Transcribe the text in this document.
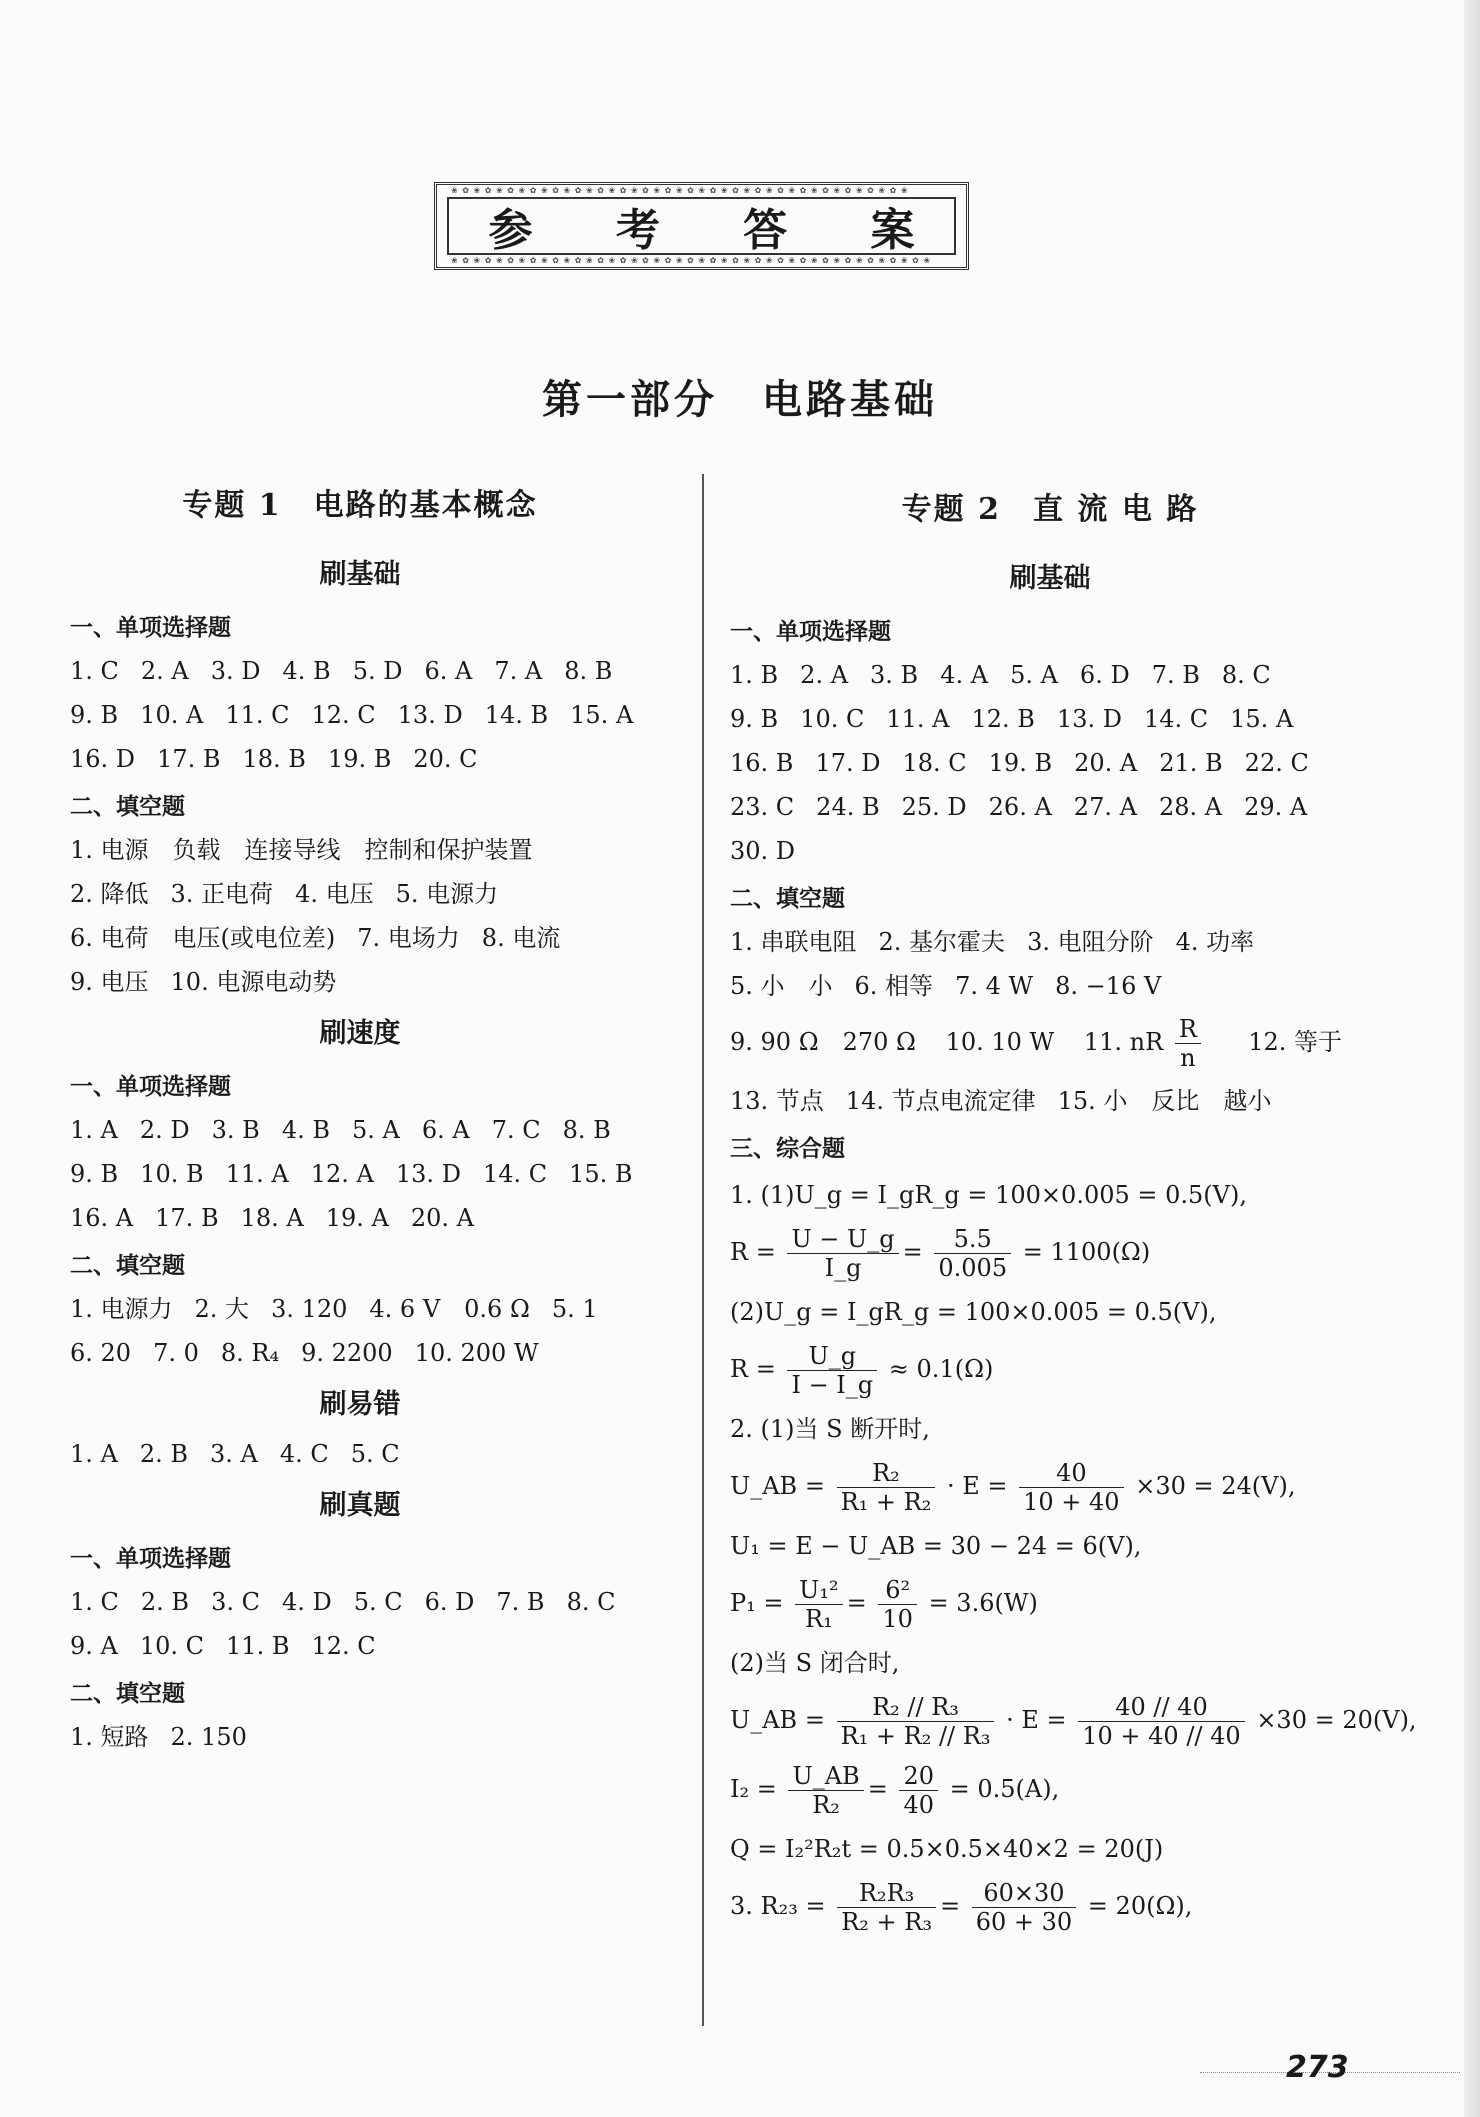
❀ ✿ ❀ ✿ ❀ ✿ ❀ ✿ ❀ ✿ ❀ ✿ ❀ ✿ ❀ ✿ ❀ ✿ ❀ ✿ ❀ ✿ ❀ ✿ ❀ ✿ ❀ ✿ ❀ ✿ ❀ ✿ ❀ ✿ ❀ ✿ ❀ ✿ ❀ ✿ ❀
参 考 答 案
❀ ✿ ❀ ✿ ❀ ✿ ❀ ✿ ❀ ✿ ❀ ✿ ❀ ✿ ❀ ✿ ❀ ✿ ❀ ✿ ❀ ✿ ❀ ✿ ❀ ✿ ❀ ✿ ❀ ✿ ❀ ✿ ❀ ✿ ❀ ✿ ❀ ✿ ❀ ✿ ❀ ✿ ❀
第一部分　电路基础
专题 1　电路的基本概念
刷基础
一、单项选择题
1. C 2. A 3. D 4. B 5. D 6. A 7. A 8. B
9. B 10. A 11. C 12. C 13. D 14. B 15. A
16. D 17. B 18. B 19. B 20. C
二、填空题
1. 电源　负载　连接导线　控制和保护装置
2. 降低 3. 正电荷 4. 电压 5. 电源力
6. 电荷　电压(或电位差) 7. 电场力 8. 电流
9. 电压 10. 电源电动势
刷速度
一、单项选择题
1. A 2. D 3. B 4. B 5. A 6. A 7. C 8. B
9. B 10. B 11. A 12. A 13. D 14. C 15. B
16. A 17. B 18. A 19. A 20. A
二、填空题
1. 电源力 2. 大 3. 120 4. 6 V　0.6 Ω 5. 1
6. 20 7. 0 8. R₄ 9. 2200 10. 200 W
刷易错
1. A 2. B 3. A 4. C 5. C
刷真题
一、单项选择题
1. C 2. B 3. C 4. D 5. C 6. D 7. B 8. C
9. A 10. C 11. B 12. C
二、填空题
1. 短路 2. 150
专题 2　直 流 电 路
刷基础
一、单项选择题
1. B 2. A 3. B 4. A 5. A 6. D 7. B 8. C
9. B 10. C 11. A 12. B 13. D 14. C 15. A
16. B 17. D 18. C 19. B 20. A 21. B 22. C
23. C 24. B 25. D 26. A 27. A 28. A 29. A
30. D
二、填空题
1. 串联电阻 2. 基尔霍夫 3. 电阻分阶 4. 功率
5. 小　小 6. 相等 7. 4 W 8. −16 V
9. 90 Ω　270 Ω 10. 10 W 11. nR $\frac{R}{n} 12$. 等于
13. 节点 14. 节点电流定律 15. 小　反比　越小
三、综合题
1. (1)U_g = I_gR_g = 100×0.005 = 0.5(V),
$R = \frac{U - U\_g}{I\_g} = \frac{5.5}{0.005} = 1100(\Omega)$
(2)U_g = I_gR_g = 100×0.005 = 0.5(V),
$R = \frac{U\_g}{I - I\_g} \approx 0.1(\Omega)$
2. (1)当 S 断开时,
U_AB = $\frac{\text{R₂}}{\text{R₁ + R₂}} \cdot E = \frac{40}{10 + 40} \times 30 = 24(V)$,
U₁ = E − U_AB = 30 − 24 = 6(V),
$P_1 = \frac{\text{U₁²}}{\text{R₁}} = \frac{\text{6²}}{10} = 3.6(W)$
(2)当 S 闭合时,
U_AB = $\frac{\text{R₂ // R₃}}{\text{R₁ + R₂ // R₃}} \cdot E = \frac{40 // 40}{10 + 40 // 40} \times 30 = 20(V)$,
$I_2 = \frac{U\_AB}{\text{R₂}} = \frac{20}{40} = 0.5(A)$,
Q = I₂²R₂t = 0.5×0.5×40×2 = 20(J)
3. $R_{23} = \frac{\text{R₂R₃}}{\text{R₂ + R₃}} = \frac{60\times 30}{60 + 30} = 20(\Omega)$,
273
